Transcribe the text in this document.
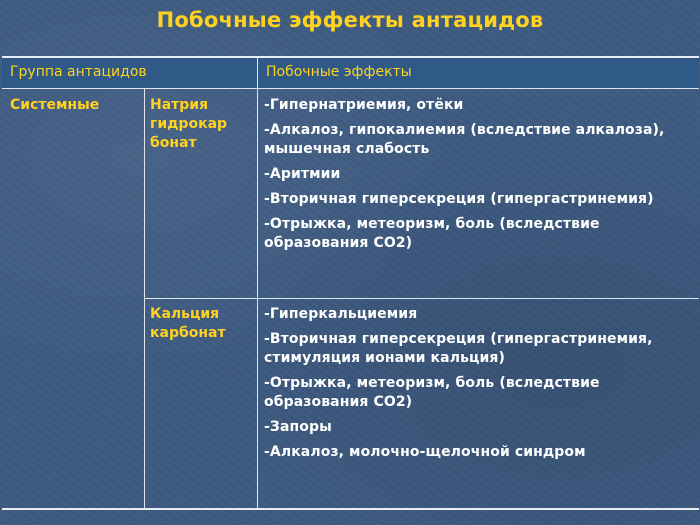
Побочные эффекты антацидов
Группа антацидов	Побочные эффекты
Системные	Натрия гидрокар бонат
-Гипернатриемия, отёки
-Алкалоз, гипокалиемия (вследствие алкалоза), мышечная слабость
-Аритмии
-Вторичная гиперсекреция (гипергастринемия)
-Отрыжка, метеоризм, боль (вследствие образования СО2)
Кальция карбонат
-Гиперкальциемия
-Вторичная гиперсекреция (гипергастринемия, стимуляция ионами кальция)
-Отрыжка, метеоризм, боль (вследствие образования СО2)
-Запоры
-Алкалоз, молочно-щелочной синдром
